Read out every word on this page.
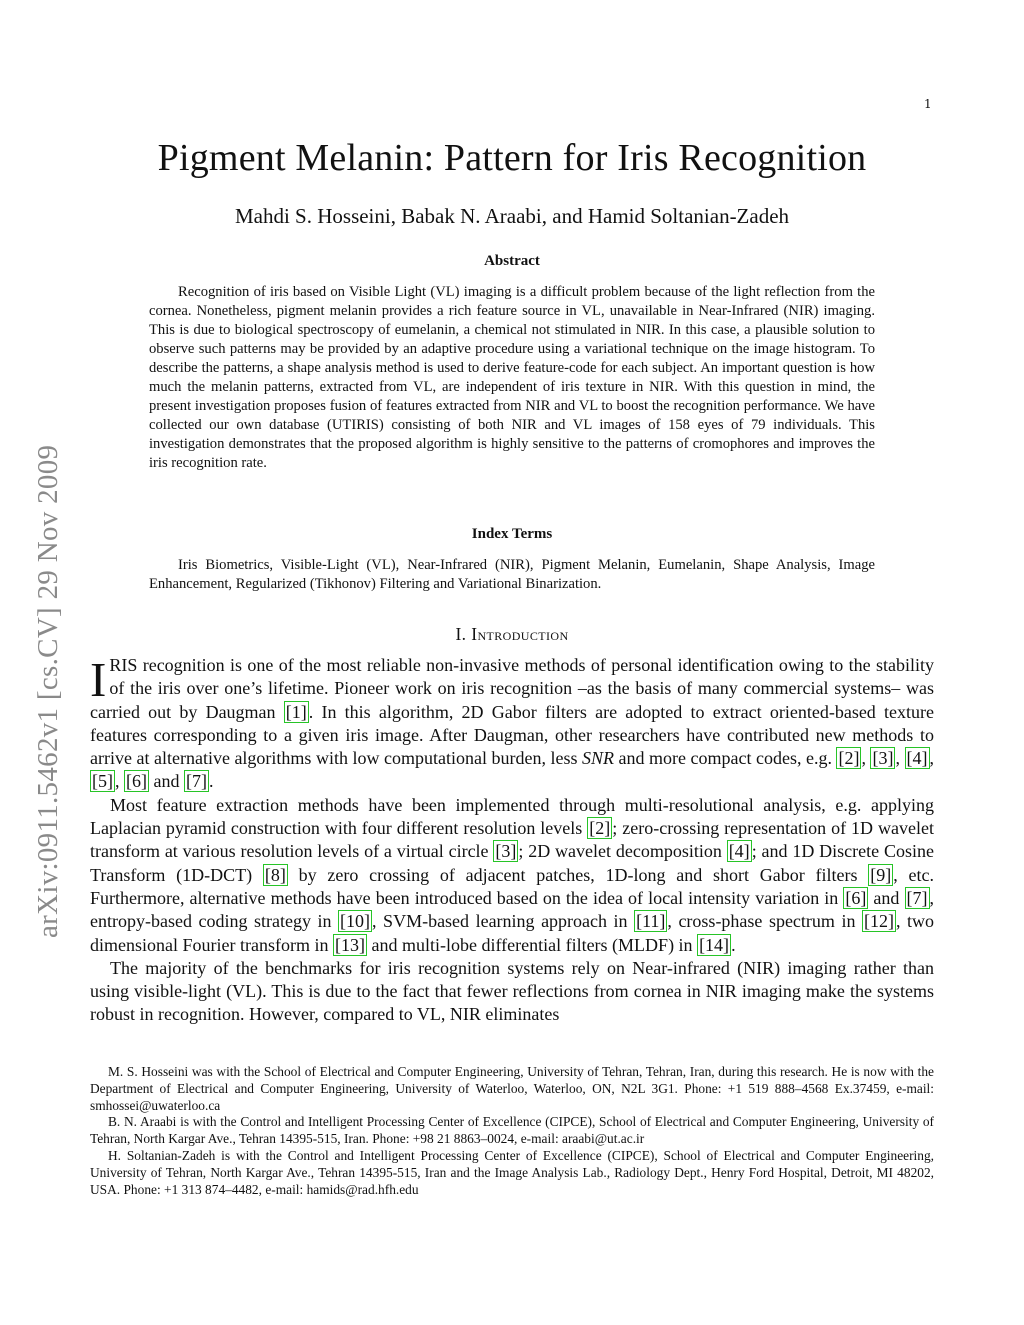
1
arXiv:0911.5462v1 [cs.CV] 29 Nov 2009
Pigment Melanin: Pattern for Iris Recognition
Mahdi S. Hosseini, Babak N. Araabi, and Hamid Soltanian-Zadeh
Abstract

Recognition of iris based on Visible Light (VL) imaging is a difficult problem because of the light reflection from the cornea. Nonetheless, pigment melanin provides a rich feature source in VL, unavailable in Near-Infrared (NIR) imaging. This is due to biological spectroscopy of eumelanin, a chemical not stimulated in NIR. In this case, a plausible solution to observe such patterns may be provided by an adaptive procedure using a variational technique on the image histogram. To describe the patterns, a shape analysis method is used to derive feature-code for each subject. An important question is how much the melanin patterns, extracted from VL, are independent of iris texture in NIR. With this question in mind, the present investigation proposes fusion of features extracted from NIR and VL to boost the recognition performance. We have collected our own database (UTIRIS) consisting of both NIR and VL images of 158 eyes of 79 individuals. This investigation demonstrates that the proposed algorithm is highly sensitive to the patterns of cromophores and improves the iris recognition rate.

Index Terms

Iris Biometrics, Visible-Light (VL), Near-Infrared (NIR), Pigment Melanin, Eumelanin, Shape Analysis, Image Enhancement, Regularized (Tikhonov) Filtering and Variational Binarization.

I. Introduction

IRIS recognition is one of the most reliable non-invasive methods of personal identification owing to the stability of the iris over one’s lifetime. Pioneer work on iris recognition –as the basis of many commercial systems– was carried out by Daugman [1] . In this algorithm, 2D Gabor filters are adopted to extract oriented-based texture features corresponding to a given iris image. After Daugman, other researchers have contributed new methods to arrive at alternative algorithms with low computational burden, less SNR and more compact codes, e.g. [2] , [3] , [4] , [5] , [6] and [7] .

Most feature extraction methods have been implemented through multi-resolutional analysis, e.g. applying Laplacian pyramid construction with four different resolution levels [2] ; zero-crossing representation of 1D wavelet transform at various resolution levels of a virtual circle [3] ; 2D wavelet decomposition [4] ; and 1D Discrete Cosine Transform (1D-DCT) [8] by zero crossing of adjacent patches, 1D-long and short Gabor filters [9] , etc. Furthermore, alternative methods have been introduced based on the idea of local intensity variation in [6] and [7] , entropy-based coding strategy in [10] , SVM-based learning approach in [11] , cross-phase spectrum in [12] , two dimensional Fourier transform in [13] and multi-lobe differential filters (MLDF) in [14] .

The majority of the benchmarks for iris recognition systems rely on Near-infrared (NIR) imaging rather than using visible-light (VL). This is due to the fact that fewer reflections from cornea in NIR imaging make the systems robust in recognition. However, compared to VL, NIR eliminates

M. S. Hosseini was with the School of Electrical and Computer Engineering, University of Tehran, Tehran, Iran, during this research. He is now with the Department of Electrical and Computer Engineering, University of Waterloo, Waterloo, ON, N2L 3G1. Phone: +1 519 888–4568 Ex.37459, e-mail: smhossei@uwaterloo.ca

B. N. Araabi is with the Control and Intelligent Processing Center of Excellence (CIPCE), School of Electrical and Computer Engineering, University of Tehran, North Kargar Ave., Tehran 14395-515, Iran. Phone: +98 21 8863–0024, e-mail: araabi@ut.ac.ir

H. Soltanian-Zadeh is with the Control and Intelligent Processing Center of Excellence (CIPCE), School of Electrical and Computer Engineering, University of Tehran, North Kargar Ave., Tehran 14395-515, Iran and the Image Analysis Lab., Radiology Dept., Henry Ford Hospital, Detroit, MI 48202, USA. Phone: +1 313 874–4482, e-mail: hamids@rad.hfh.edu
